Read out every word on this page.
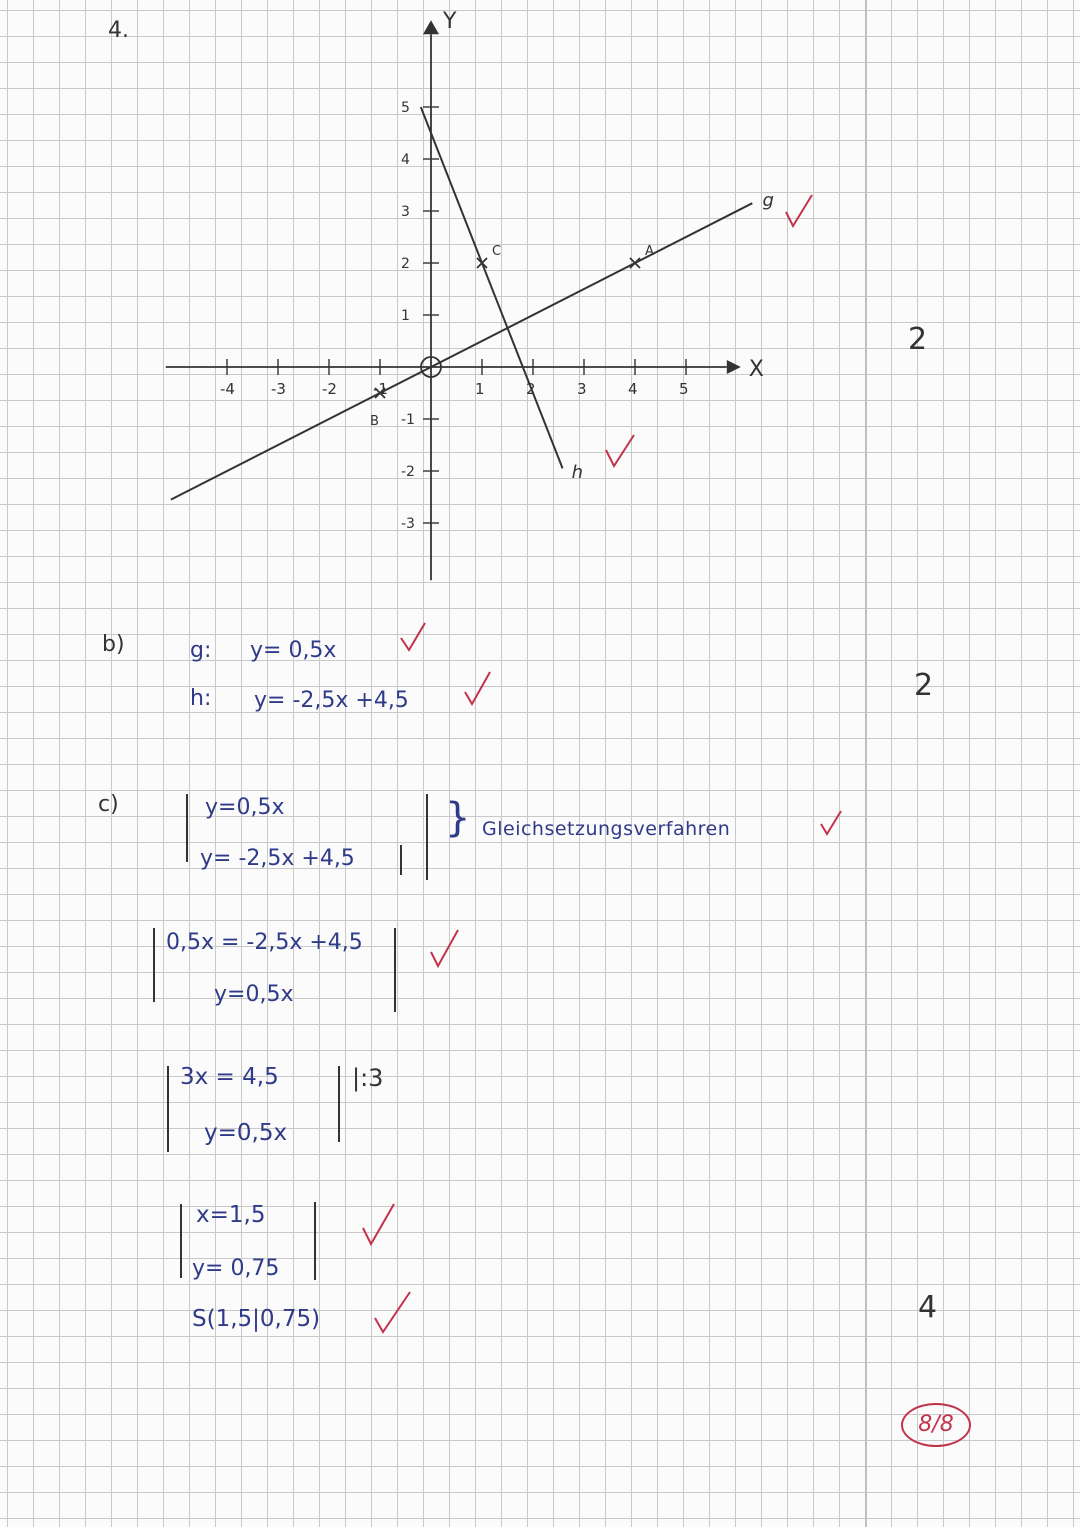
4.
X
Y
-4 -3 -2 -1	1	2	3	4	5
5
4
3
2
1
-1
-2
-3
g
h
A
B
C
b)	g: y= 0,5x
h: y= -2,5x +4,5
c)	y=0,5x
y= -2,5x +4,5
} Gleichsetzungsverfahren
0,5x = -2,5x +4,5
y=0,5x
3x = 4,5
y=0,5x
|:3
x=1,5
y= 0,75
S(1,5|0,75)
2
2
4
8/8
